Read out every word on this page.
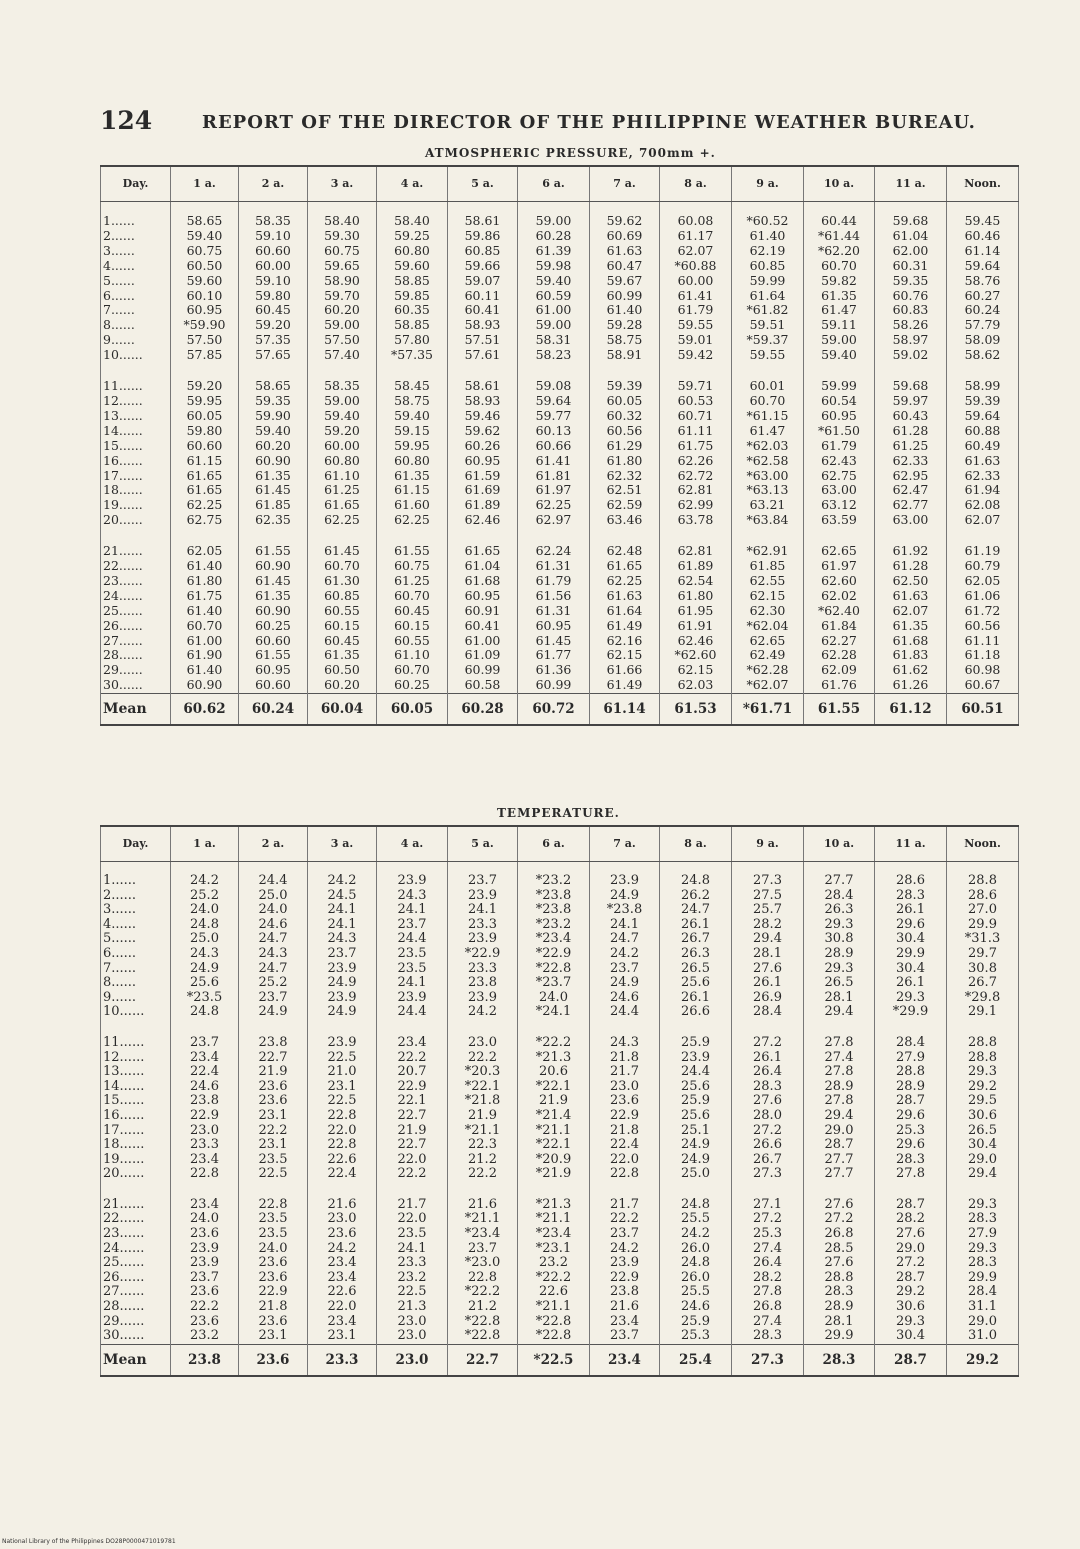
124	REPORT OF THE DIRECTOR OF THE PHILIPPINE WEATHER BUREAU.
ATMOSPHERIC PRESSURE, 700mm +.
Day.	1 a.	2 a.	3 a.	4 a.	5 a.	6 a.	7 a.	8 a.	9 a.	10 a.	11 a.	Noon.
1......	58.65	58.35	58.40	58.40	58.61	59.00	59.62	60.08	*60.52	60.44	59.68	59.45
2......	59.40	59.10	59.30	59.25	59.86	60.28	60.69	61.17	61.40	*61.44	61.04	60.46
3......	60.75	60.60	60.75	60.80	60.85	61.39	61.63	62.07	62.19	*62.20	62.00	61.14
4......	60.50	60.00	59.65	59.60	59.66	59.98	60.47	*60.88	60.85	60.70	60.31	59.64
5......	59.60	59.10	58.90	58.85	59.07	59.40	59.67	60.00	59.99	59.82	59.35	58.76
6......	60.10	59.80	59.70	59.85	60.11	60.59	60.99	61.41	61.64	61.35	60.76	60.27
7......	60.95	60.45	60.20	60.35	60.41	61.00	61.40	61.79	*61.82	61.47	60.83	60.24
8......	*59.90	59.20	59.00	58.85	58.93	59.00	59.28	59.55	59.51	59.11	58.26	57.79
9......	57.50	57.35	57.50	57.80	57.51	58.31	58.75	59.01	*59.37	59.00	58.97	58.09
10......	57.85	57.65	57.40	*57.35	57.61	58.23	58.91	59.42	59.55	59.40	59.02	58.62

11......	59.20	58.65	58.35	58.45	58.61	59.08	59.39	59.71	60.01	59.99	59.68	58.99
12......	59.95	59.35	59.00	58.75	58.93	59.64	60.05	60.53	60.70	60.54	59.97	59.39
13......	60.05	59.90	59.40	59.40	59.46	59.77	60.32	60.71	*61.15	60.95	60.43	59.64
14......	59.80	59.40	59.20	59.15	59.62	60.13	60.56	61.11	61.47	*61.50	61.28	60.88
15......	60.60	60.20	60.00	59.95	60.26	60.66	61.29	61.75	*62.03	61.79	61.25	60.49
16......	61.15	60.90	60.80	60.80	60.95	61.41	61.80	62.26	*62.58	62.43	62.33	61.63
17......	61.65	61.35	61.10	61.35	61.59	61.81	62.32	62.72	*63.00	62.75	62.95	62.33
18......	61.65	61.45	61.25	61.15	61.69	61.97	62.51	62.81	*63.13	63.00	62.47	61.94
19......	62.25	61.85	61.65	61.60	61.89	62.25	62.59	62.99	63.21	63.12	62.77	62.08
20......	62.75	62.35	62.25	62.25	62.46	62.97	63.46	63.78	*63.84	63.59	63.00	62.07

21......	62.05	61.55	61.45	61.55	61.65	62.24	62.48	62.81	*62.91	62.65	61.92	61.19
22......	61.40	60.90	60.70	60.75	61.04	61.31	61.65	61.89	61.85	61.97	61.28	60.79
23......	61.80	61.45	61.30	61.25	61.68	61.79	62.25	62.54	62.55	62.60	62.50	62.05
24......	61.75	61.35	60.85	60.70	60.95	61.56	61.63	61.80	62.15	62.02	61.63	61.06
25......	61.40	60.90	60.55	60.45	60.91	61.31	61.64	61.95	62.30	*62.40	62.07	61.72
26......	60.70	60.25	60.15	60.15	60.41	60.95	61.49	61.91	*62.04	61.84	61.35	60.56
27......	61.00	60.60	60.45	60.55	61.00	61.45	62.16	62.46	62.65	62.27	61.68	61.11
28......	61.90	61.55	61.35	61.10	61.09	61.77	62.15	*62.60	62.49	62.28	61.83	61.18
29......	61.40	60.95	60.50	60.70	60.99	61.36	61.66	62.15	*62.28	62.09	61.62	60.98
30......	60.90	60.60	60.20	60.25	60.58	60.99	61.49	62.03	*62.07	61.76	61.26	60.67
Mean	60.62	60.24	60.04	60.05	60.28	60.72	61.14	61.53	*61.71	61.55	61.12	60.51
TEMPERATURE.
Day.	1 a.	2 a.	3 a.	4 a.	5 a.	6 a.	7 a.	8 a.	9 a.	10 a.	11 a.	Noon.
1......	24.2	24.4	24.2	23.9	23.7	*23.2	23.9	24.8	27.3	27.7	28.6	28.8
2......	25.2	25.0	24.5	24.3	23.9	*23.8	24.9	26.2	27.5	28.4	28.3	28.6
3......	24.0	24.0	24.1	24.1	24.1	*23.8	*23.8	24.7	25.7	26.3	26.1	27.0
4......	24.8	24.6	24.1	23.7	23.3	*23.2	24.1	26.1	28.2	29.3	29.6	29.9
5......	25.0	24.7	24.3	24.4	23.9	*23.4	24.7	26.7	29.4	30.8	30.4	*31.3
6......	24.3	24.3	23.7	23.5	*22.9	*22.9	24.2	26.3	28.1	28.9	29.9	29.7
7......	24.9	24.7	23.9	23.5	23.3	*22.8	23.7	26.5	27.6	29.3	30.4	30.8
8......	25.6	25.2	24.9	24.1	23.8	*23.7	24.9	25.6	26.1	26.5	26.1	26.7
9......	*23.5	23.7	23.9	23.9	23.9	24.0	24.6	26.1	26.9	28.1	29.3	*29.8
10......	24.8	24.9	24.9	24.4	24.2	*24.1	24.4	26.6	28.4	29.4	*29.9	29.1

11......	23.7	23.8	23.9	23.4	23.0	*22.2	24.3	25.9	27.2	27.8	28.4	28.8
12......	23.4	22.7	22.5	22.2	22.2	*21.3	21.8	23.9	26.1	27.4	27.9	28.8
13......	22.4	21.9	21.0	20.7	*20.3	20.6	21.7	24.4	26.4	27.8	28.8	29.3
14......	24.6	23.6	23.1	22.9	*22.1	*22.1	23.0	25.6	28.3	28.9	28.9	29.2
15......	23.8	23.6	22.5	22.1	*21.8	21.9	23.6	25.9	27.6	27.8	28.7	29.5
16......	22.9	23.1	22.8	22.7	21.9	*21.4	22.9	25.6	28.0	29.4	29.6	30.6
17......	23.0	22.2	22.0	21.9	*21.1	*21.1	21.8	25.1	27.2	29.0	25.3	26.5
18......	23.3	23.1	22.8	22.7	22.3	*22.1	22.4	24.9	26.6	28.7	29.6	30.4
19......	23.4	23.5	22.6	22.0	21.2	*20.9	22.0	24.9	26.7	27.7	28.3	29.0
20......	22.8	22.5	22.4	22.2	22.2	*21.9	22.8	25.0	27.3	27.7	27.8	29.4

21......	23.4	22.8	21.6	21.7	21.6	*21.3	21.7	24.8	27.1	27.6	28.7	29.3
22......	24.0	23.5	23.0	22.0	*21.1	*21.1	22.2	25.5	27.2	27.2	28.2	28.3
23......	23.6	23.5	23.6	23.5	*23.4	*23.4	23.7	24.2	25.3	26.8	27.6	27.9
24......	23.9	24.0	24.2	24.1	23.7	*23.1	24.2	26.0	27.4	28.5	29.0	29.3
25......	23.9	23.6	23.4	23.3	*23.0	23.2	23.9	24.8	26.4	27.6	27.2	28.3
26......	23.7	23.6	23.4	23.2	22.8	*22.2	22.9	26.0	28.2	28.8	28.7	29.9
27......	23.6	22.9	22.6	22.5	*22.2	22.6	23.8	25.5	27.8	28.3	29.2	28.4
28......	22.2	21.8	22.0	21.3	21.2	*21.1	21.6	24.6	26.8	28.9	30.6	31.1
29......	23.6	23.6	23.4	23.0	*22.8	*22.8	23.4	25.9	27.4	28.1	29.3	29.0
30......	23.2	23.1	23.1	23.0	*22.8	*22.8	23.7	25.3	28.3	29.9	30.4	31.0
Mean	23.8	23.6	23.3	23.0	22.7	*22.5	23.4	25.4	27.3	28.3	28.7	29.2
National Library of the Philippines DO28P0000471019781
